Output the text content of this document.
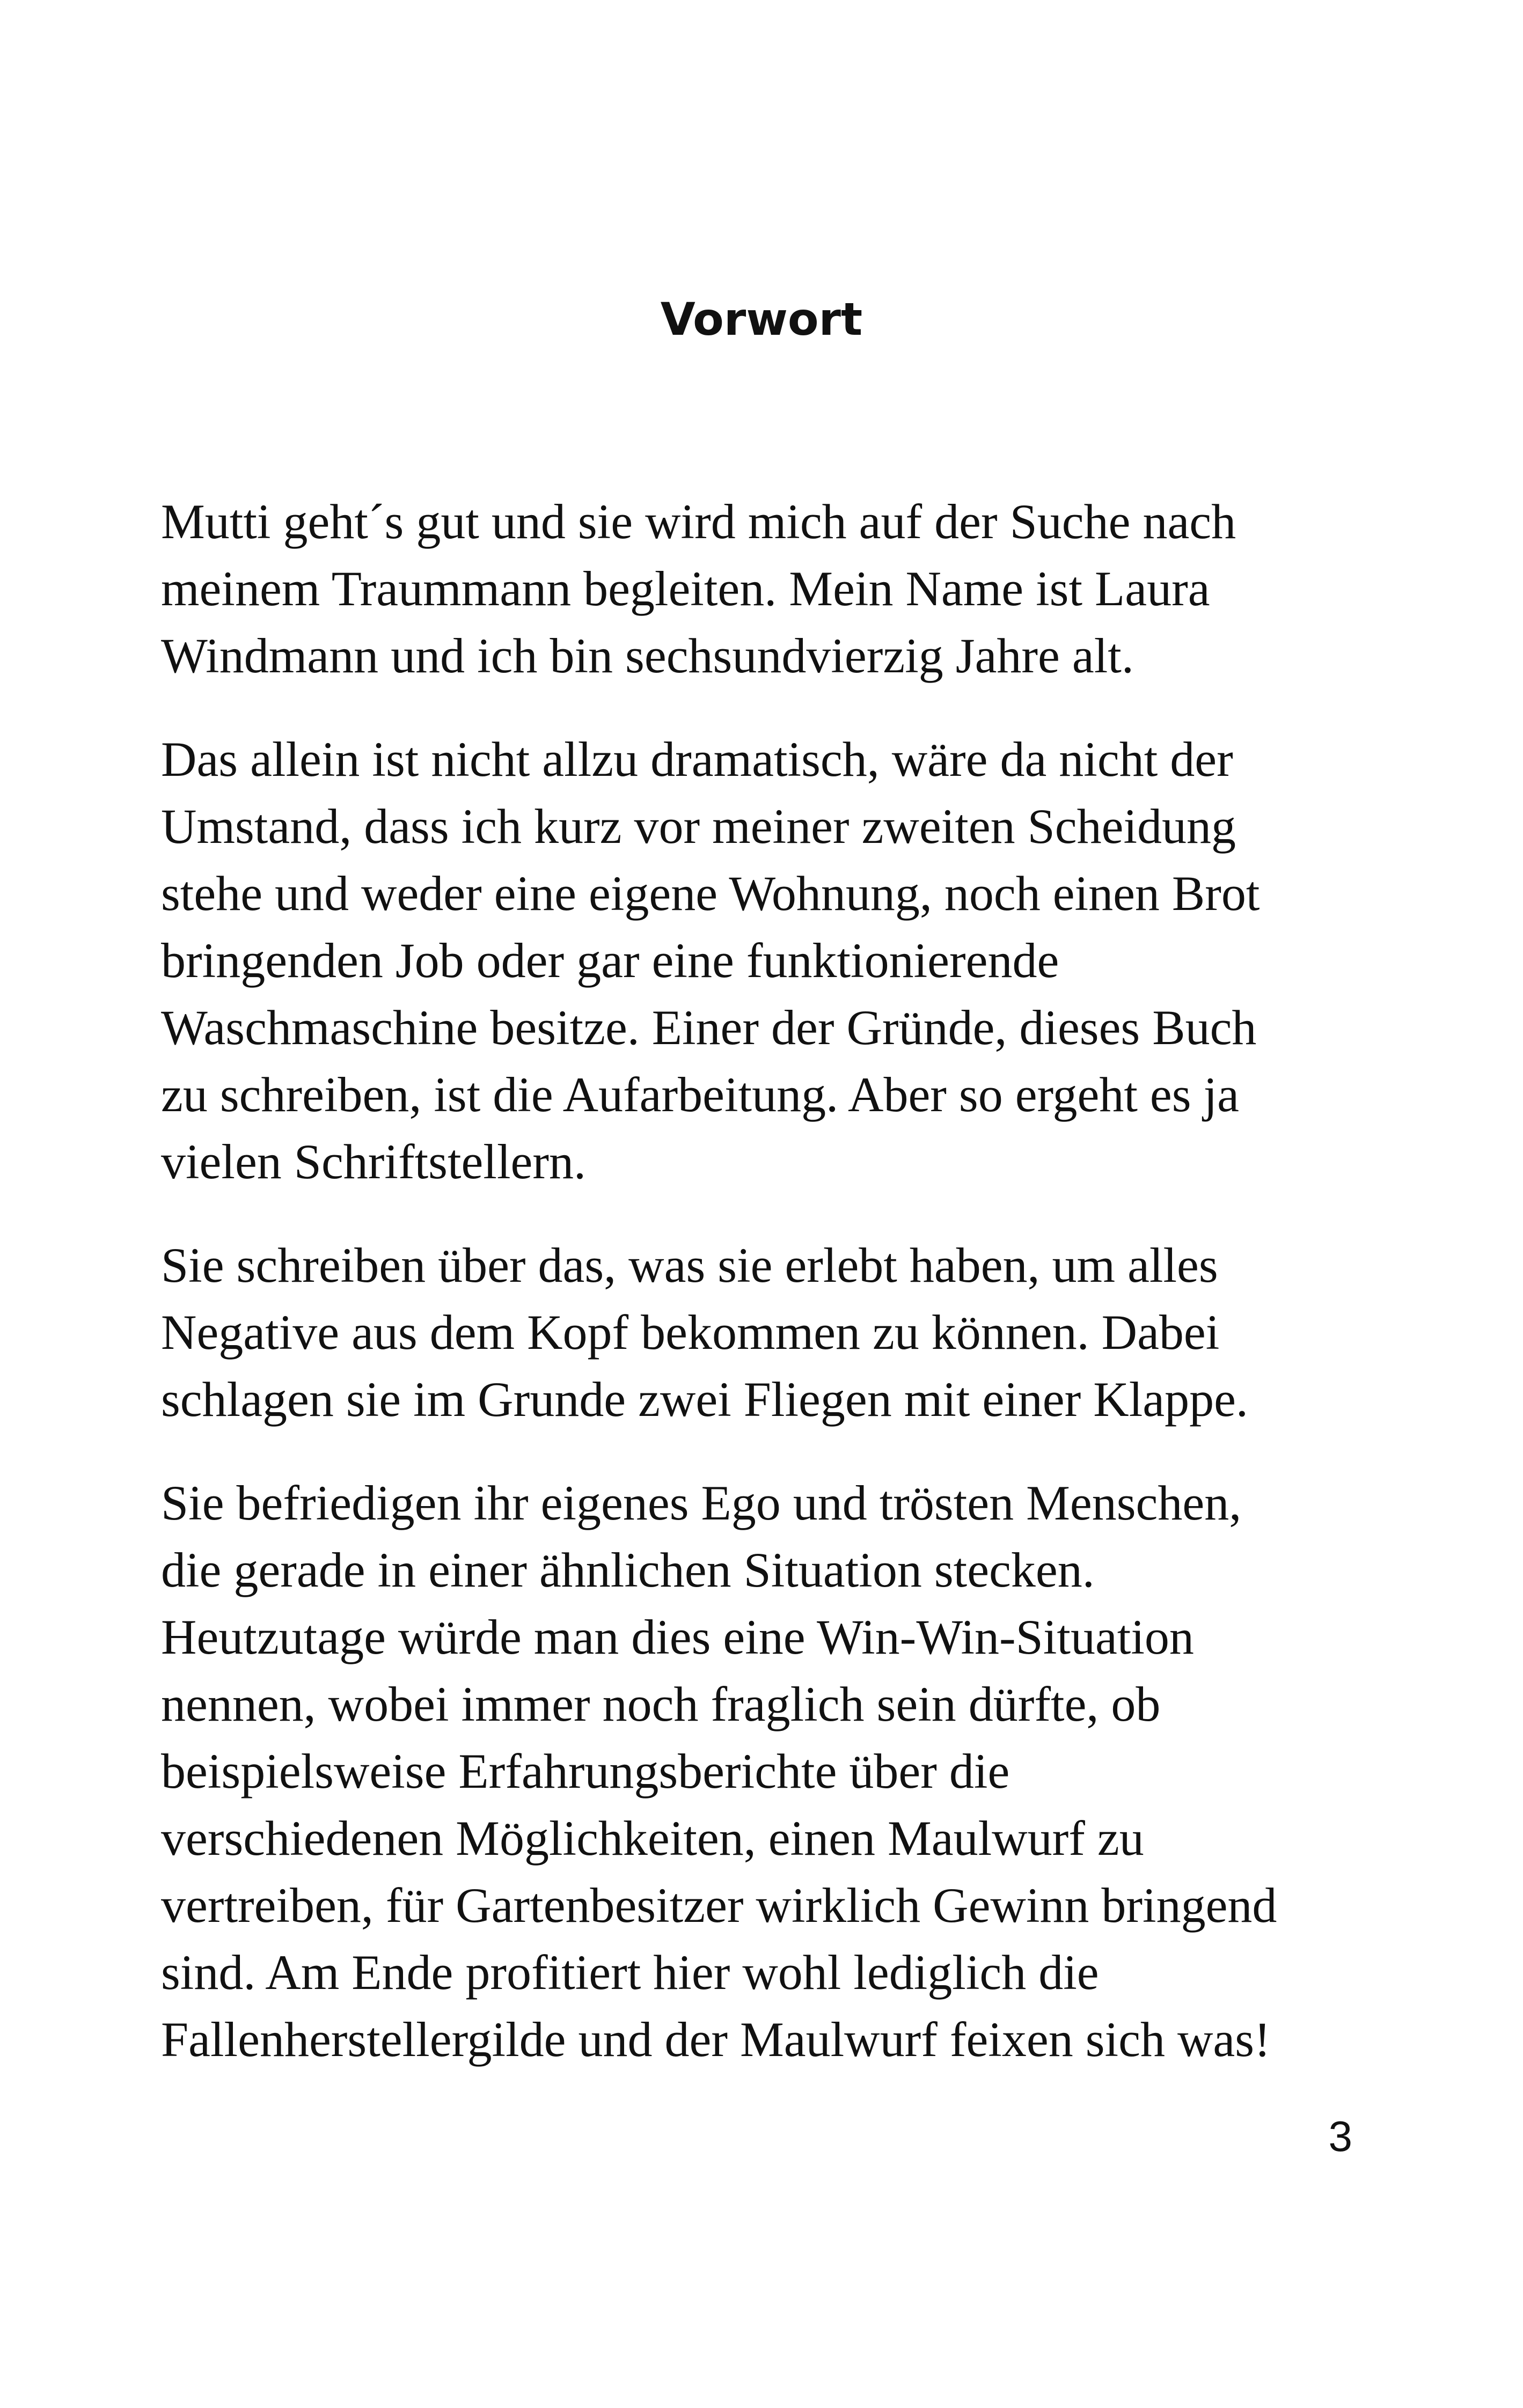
Vorwort

Mutti geht´s gut und sie wird mich auf der Suche nach
meinem Traummann begleiten. Mein Name ist Laura
Windmann und ich bin sechsundvierzig Jahre alt.

Das allein ist nicht allzu dramatisch, wäre da nicht der
Umstand, dass ich kurz vor meiner zweiten Scheidung
stehe und weder eine eigene Wohnung, noch einen Brot
bringenden Job oder gar eine funktionierende
Waschmaschine besitze. Einer der Gründe, dieses Buch
zu schreiben, ist die Aufarbeitung. Aber so ergeht es ja
vielen Schriftstellern.

Sie schreiben über das, was sie erlebt haben, um alles
Negative aus dem Kopf bekommen zu können. Dabei
schlagen sie im Grunde zwei Fliegen mit einer Klappe.

Sie befriedigen ihr eigenes Ego und trösten Menschen,
die gerade in einer ähnlichen Situation stecken.
Heutzutage würde man dies eine Win-Win-Situation
nennen, wobei immer noch fraglich sein dürfte, ob
beispielsweise Erfahrungsberichte über die
verschiedenen Möglichkeiten, einen Maulwurf zu
vertreiben, für Gartenbesitzer wirklich Gewinn bringend
sind. Am Ende profitiert hier wohl lediglich die
Fallenherstellergilde und der Maulwurf feixen sich was!

3
